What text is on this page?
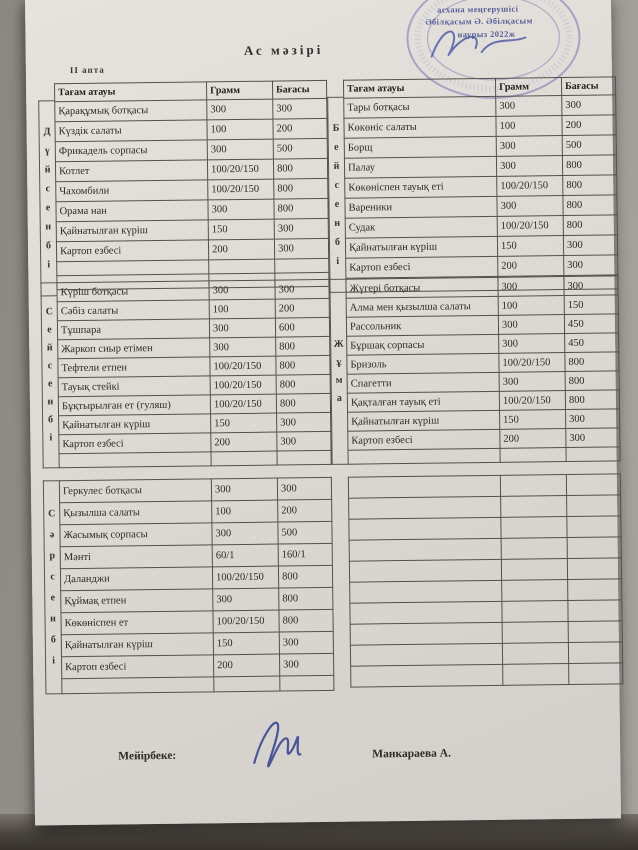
асхана меңгерушісі
Әбілқасым Ә. Әбілқасым
наурыз 2022ж
Ас мәзірі
ІІ апта
Д
ү
й
с
е
н
б
і
Тағам атауы	Грамм	Бағасы
Қарақұмық ботқасы	300	300
Күздік салаты	100	200
Фрикадель сорпасы	300	500
Котлет	100/20/150	800
Чахомбили	100/20/150	800
Орама нан	300	800
Қайнатылған күріш	150	300
Картоп езбесі	200	300

Б
е
й
с
е
н
б
і
Тағам атауы	Грамм	Бағасы
Тары ботқасы	300	300
Көкөніс салаты	100	200
Борщ	300	500
Палау	300	800
Көкөніспен тауық еті	100/20/150	800
Вареники	300	800
Судак	100/20/150	800
Қайнатылған күріш	150	300
Картоп езбесі	200	300

С
е
й
с
е
н
б
і
Күріш ботқасы	300	300
Сәбіз салаты	100	200
Тұшпара	300	600
Жаркоп сиыр етімен	300	800
Тефтели етпен	100/20/150	800
Тауық стейкі	100/20/150	800
Бұқтырылған ет (гуляш)	100/20/150	800
Қайнатылған күріш	150	300
Картоп езбесі	200	300

Ж
ұ
м
а
Жүгері ботқасы	300	300
Алма мен қызылша салаты	100	150
Рассольник	300	450
Бұршақ сорпасы	300	450
Бризоль	100/20/150	800
Спагетти	300	800
Қақталған тауық еті	100/20/150	800
Қайнатылған күріш	150	300
Картоп езбесі	200	300

С
ә
р
с
е
н
б
і
Геркулес ботқасы	300	300
Қызылша салаты	100	200
Жасымық сорпасы	300	500
Мәнті	60/1	160/1
Даланджи	100/20/150	800
Құймақ етпен	300	800
Көкөніспен ет	100/20/150	800
Қайнатылған күріш	150	300
Картоп езбесі	200	300

Мейірбеке:	Манкараева А.
